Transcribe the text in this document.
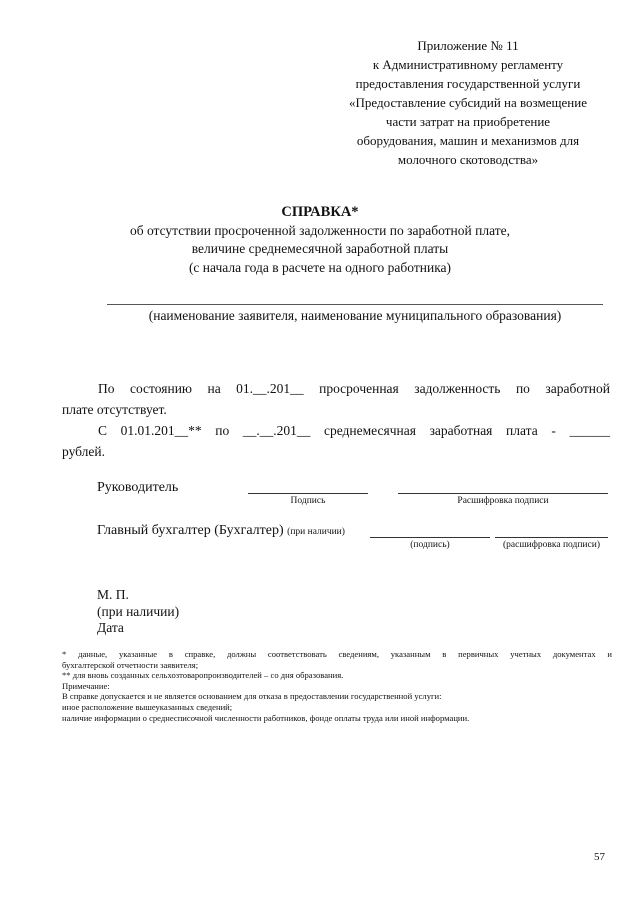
Приложение № 11
к Административному регламенту
предоставления государственной услуги
«Предоставление субсидий на возмещение
части затрат на приобретение
оборудования, машин и механизмов для
молочного скотоводства»
СПРАВКА*
об отсутствии просроченной задолженности по заработной плате,
величине среднемесячной заработной платы
(с начала года в расчете на одного работника)
(наименование заявителя, наименование муниципального образования)
По состоянию на 01.__.201__ просроченная задолженность по заработной
плате отсутствует.
С 01.01.201__** по __.__.201__ среднемесячная заработная плата - ______
рублей.
Руководитель
Подпись	Расшифровка подписи
Главный бухгалтер (Бухгалтер) (при наличии)
(подпись)	(расшифровка подписи)
М. П.
(при наличии)
Дата
* данные, указанные в справке, должны соответствовать сведениям, указанным в первичных учетных документах и
бухгалтерской отчетности заявителя;
** для вновь созданных сельхозтоваропроизводителей – со дня образования.
Примечание:
В справке допускается и не является основанием для отказа в предоставлении государственной услуги:
иное расположение вышеуказанных сведений;
наличие информации о среднесписочной численности работников, фонде оплаты труда или иной информации.
57
